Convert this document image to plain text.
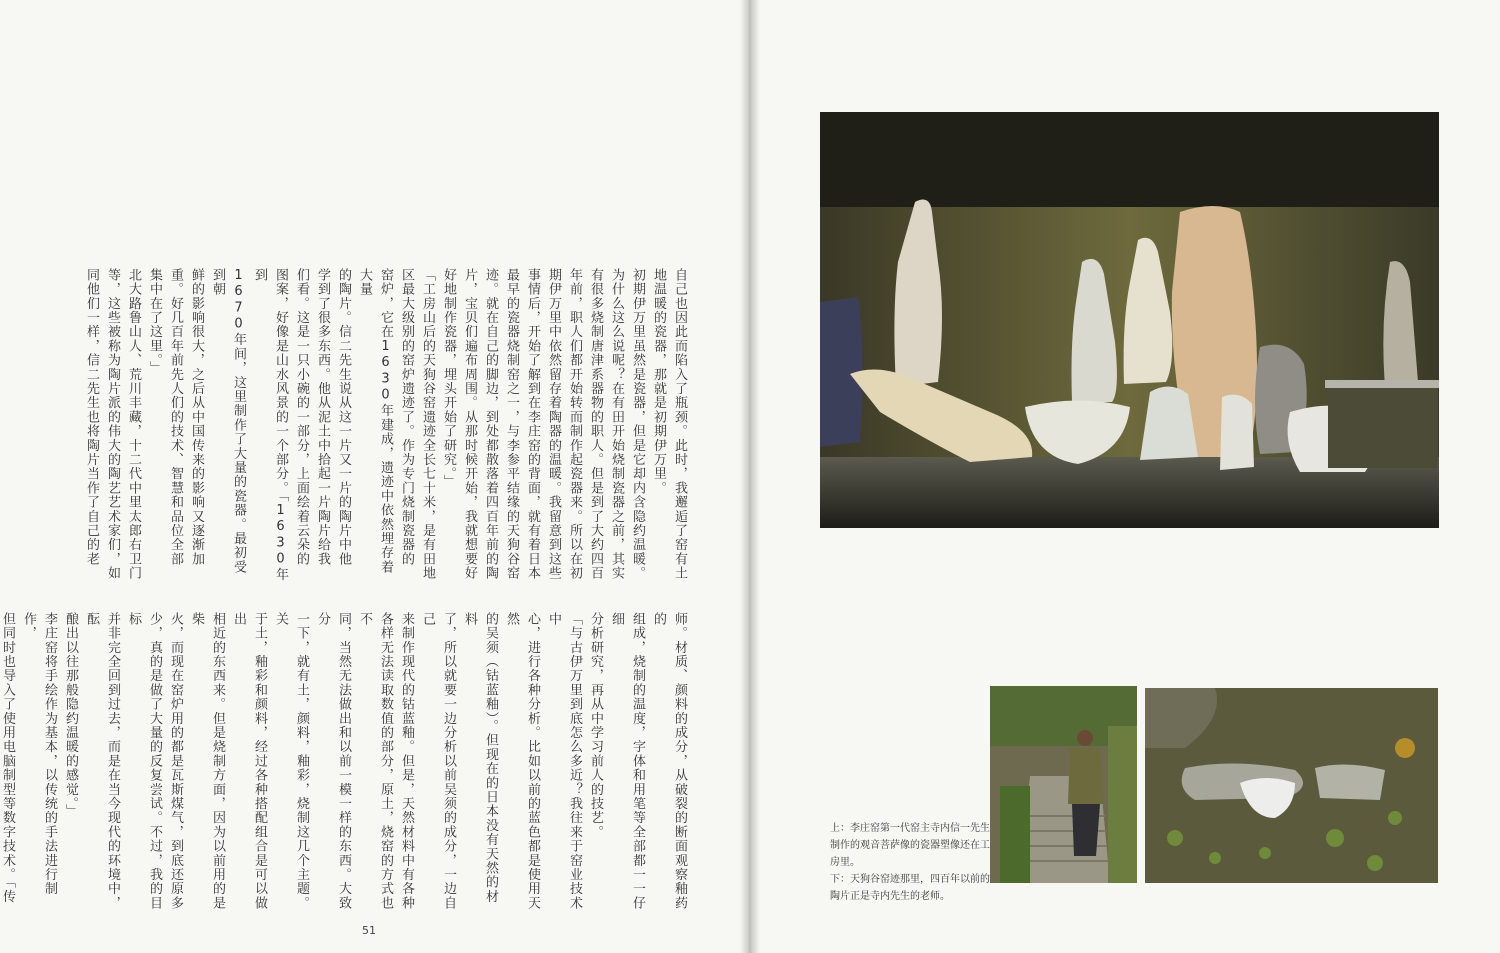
自己也因此而陷入了瓶颈。此时，我邂逅了窑有土
地温暖的瓷器，那就是初期伊万里。
初期伊万里虽然是瓷器，但是它却内含隐约温暖。
为什么这么说呢？在有田开始烧制瓷器之前，其实
有很多烧制唐津系器物的职人。但是到了大约四百
年前，职人们都开始转而制作起瓷器来。所以在初
期伊万里中依然留存着陶器的温暖。我留意到这些
事情后，开始了解到在李庄窑的背面，就有着日本
最早的瓷器烧制窑之一，与李参平结缘的天狗谷窑
迹。就在自己的脚边，到处都散落着四百年前的陶
片，宝贝们遍布周围。从那时候开始，我就想要好
好地制作瓷器，埋头开始了研究。」
「工房山后的天狗谷窑遗迹全长七十米，是有田地
区最大级别的窑炉遗迹了。作为专门烧制瓷器的
窑炉，它在1630年建成，遗迹中依然埋存着大量
的陶片。信二先生说从这一片又一片的陶片中他
学到了很多东西。他从泥土中拾起一片陶片给我
们看。这是一只小碗的一部分，上面绘着云朵的
图案，好像是山水风景的一个部分。「1630年到
1670年间，这里制作了大量的瓷器。最初受到朝
鲜的影响很大，之后从中国传来的影响又逐渐加
重。好几百年前先人们的技术、智慧和品位全部
集中在了这里。」
北大路鲁山人、荒川丰藏，十二代中里太郎右卫门
等，这些被称为陶片派的伟大的陶艺艺术家们，如
同他们一样，信二先生也将陶片当作了自己的老
师。材质、颜料的成分，从破裂的断面观察釉药的
组成，烧制的温度，字体和用笔等全部都一一仔细
分析研究，再从中学习前人的技艺。
「与古伊万里到底怎么多近？我往来于窑业技术中
心，进行各种分析。比如以前的蓝色都是使用天然
的吴须（钴蓝釉）。但现在的日本没有天然的材料
了，所以就要一边分析以前吴须的成分，一边自己
来制作现代的钴蓝釉。但是，天然材料中有各种
各样无法读取数值的部分，原土，烧窑的方式也不
同，当然无法做出和以前一模一样的东西。大致分
一下，就有土，颜料，釉彩，烧制这几个主题。关
于土，釉彩和颜料，经过各种搭配组合是可以做出
相近的东西来。但是烧制方面，因为以前用的是柴
火，而现在窑炉用的都是瓦斯煤气，到底还原多
少，真的是做了大量的反复尝试。不过，我的目标
并非完全回到过去，而是在当今现代的环境中，酝
酿出以往那般隐约温暖的感觉。」
李庄窑将手绘作为基本，以传统的手法进行制作，
但同时也导入了使用电脑制型等数字技术。「传
51
上：李庄窑第一代窑主寺内信一先生制作的观音菩萨像的瓷器塑像还在工房里。
下：天狗谷窑迹那里，四百年以前的陶片正是寺内先生的老师。
